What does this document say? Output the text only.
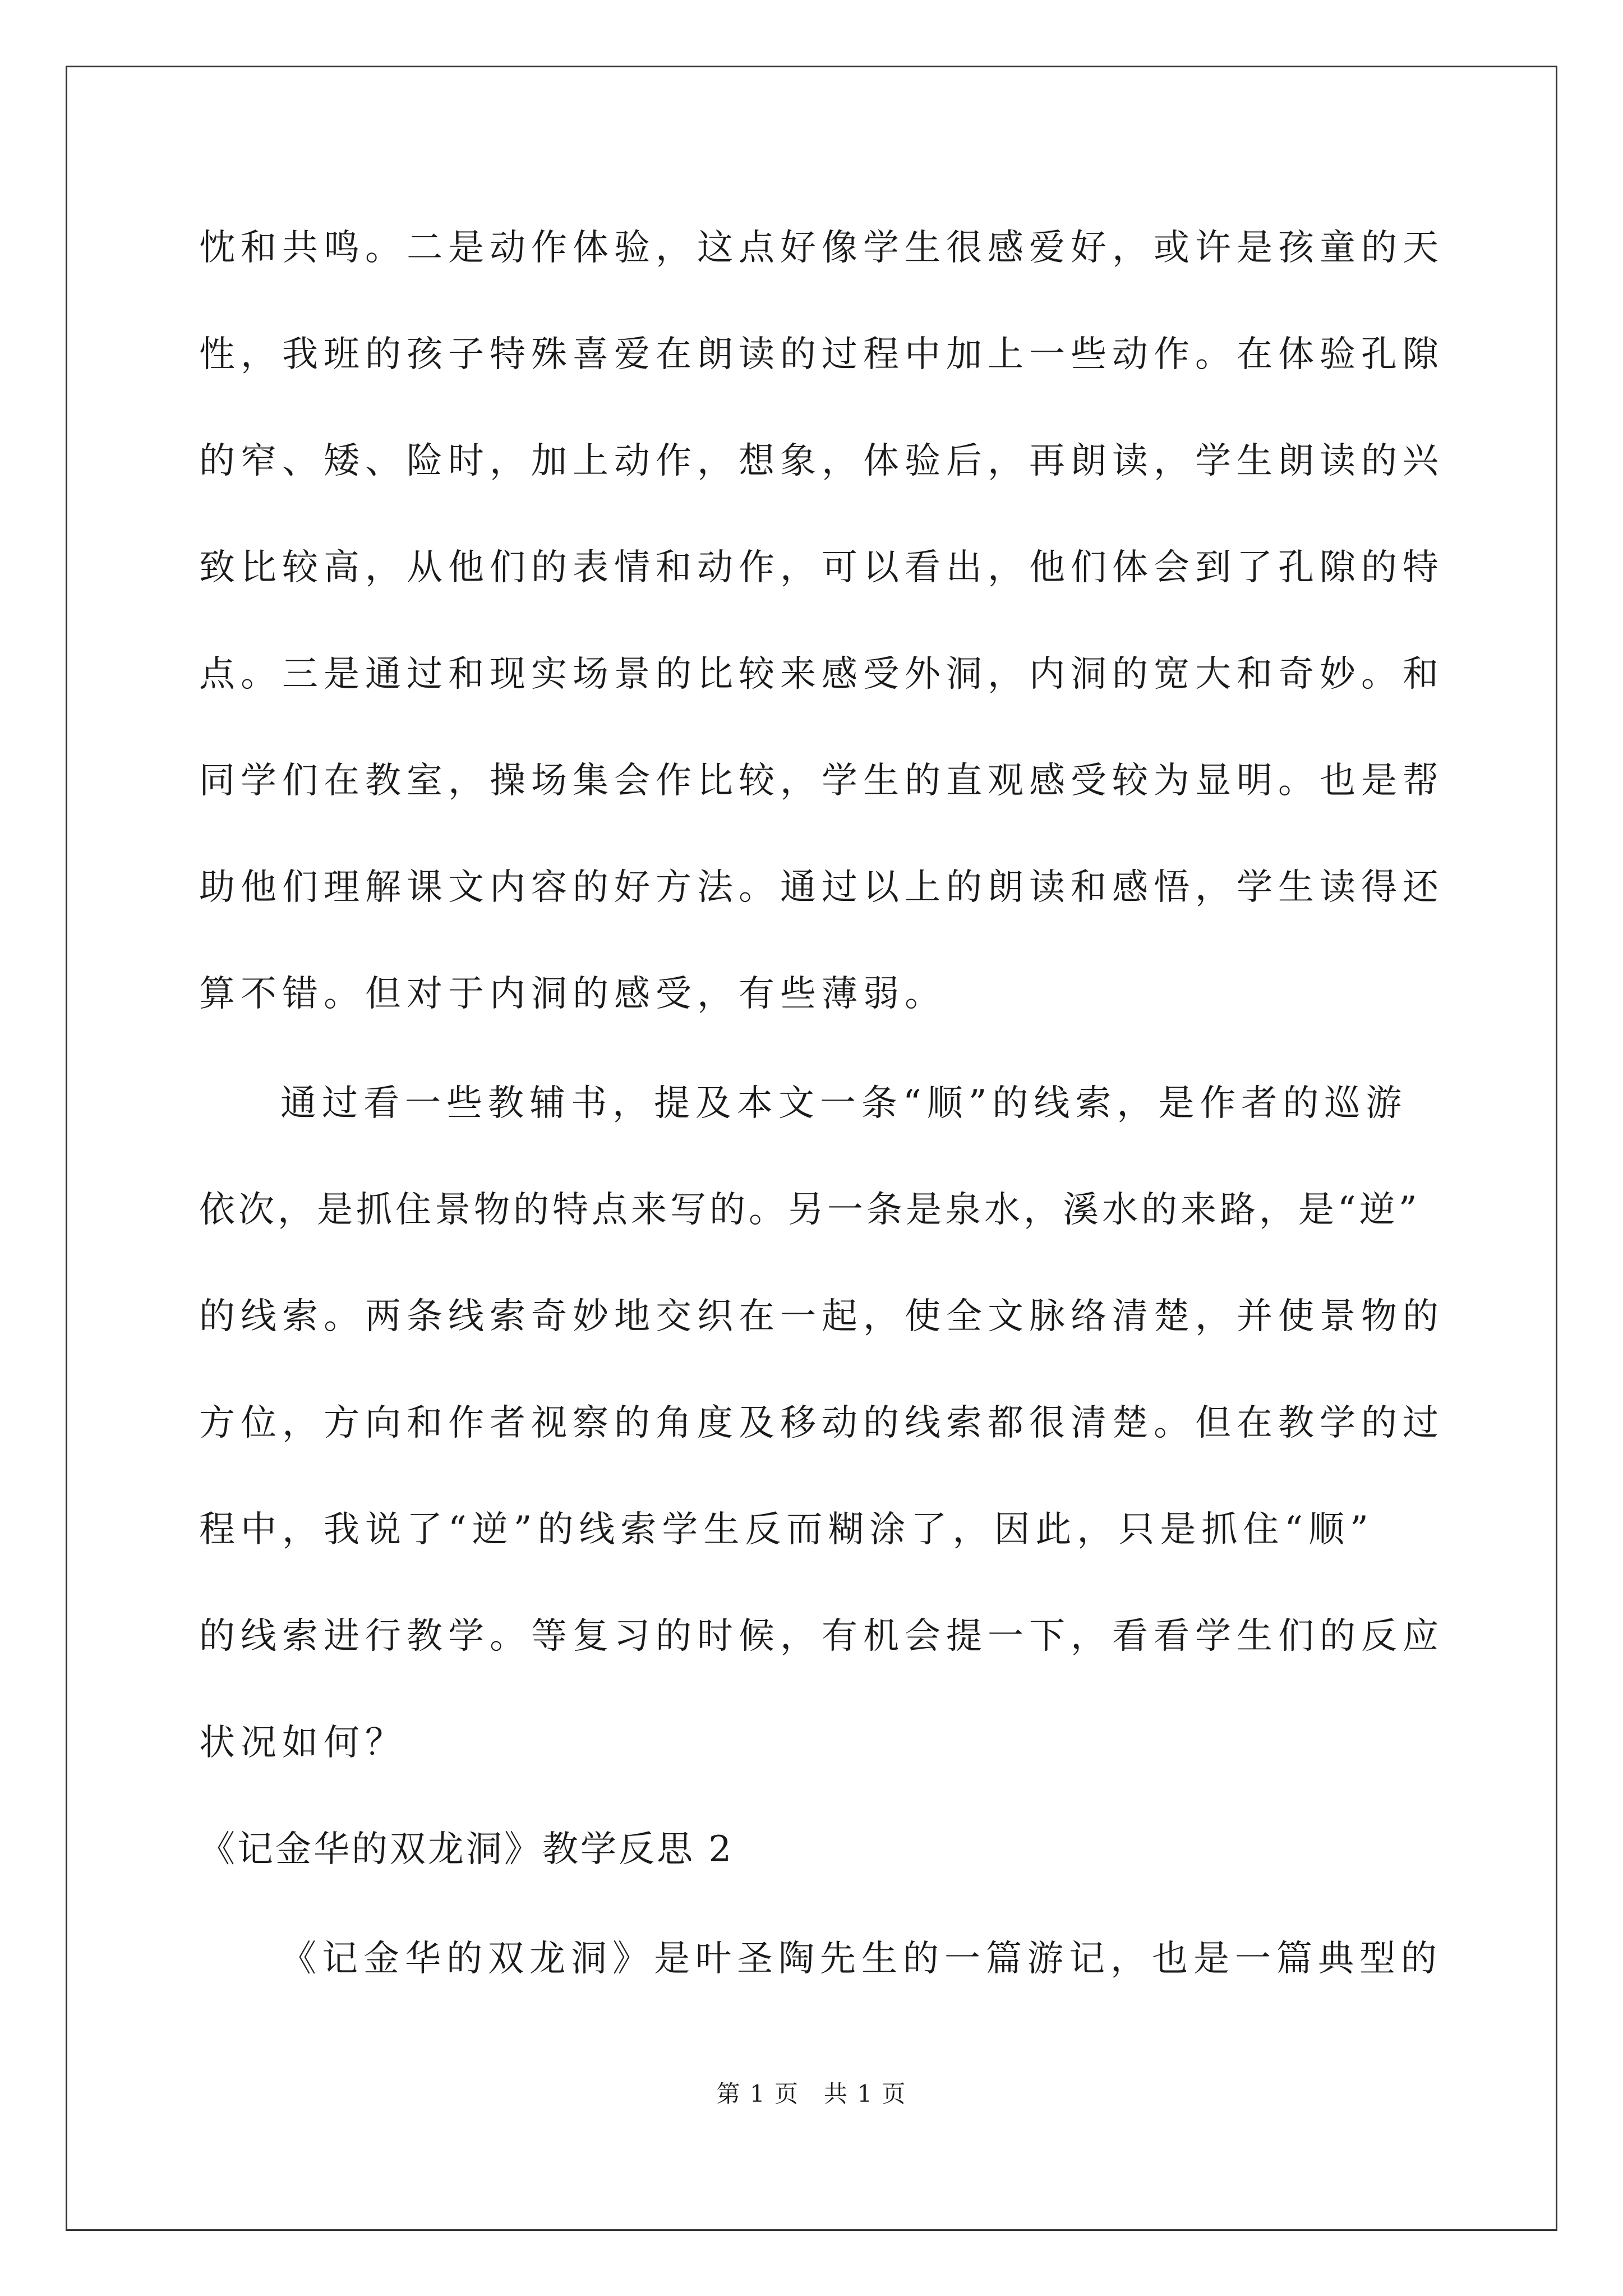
忱和共鸣。二是动作体验，这点好像学生很感爱好，或许是孩童的天
性，我班的孩子特殊喜爱在朗读的过程中加上一些动作。在体验孔隙
的窄、矮、险时，加上动作，想象，体验后，再朗读，学生朗读的兴
致比较高，从他们的表情和动作，可以看出，他们体会到了孔隙的特
点。三是通过和现实场景的比较来感受外洞，内洞的宽大和奇妙。和
同学们在教室，操场集会作比较，学生的直观感受较为显明。也是帮
助他们理解课文内容的好方法。通过以上的朗读和感悟，学生读得还
算不错。但对于内洞的感受，有些薄弱。
通过看一些教辅书，提及本文一条“顺”的线索，是作者的巡游
依次，是抓住景物的特点来写的。另一条是泉水，溪水的来路，是“逆”
的线索。两条线索奇妙地交织在一起，使全文脉络清楚，并使景物的
方位，方向和作者视察的角度及移动的线索都很清楚。但在教学的过
程中，我说了“逆”的线索学生反而糊涂了，因此，只是抓住“顺”
的线索进行教学。等复习的时候，有机会提一下，看看学生们的反应
状况如何？
《记金华的双龙洞》教学反思 2
《记金华的双龙洞》是叶圣陶先生的一篇游记，也是一篇典型的
第 1 页　共 1 页
